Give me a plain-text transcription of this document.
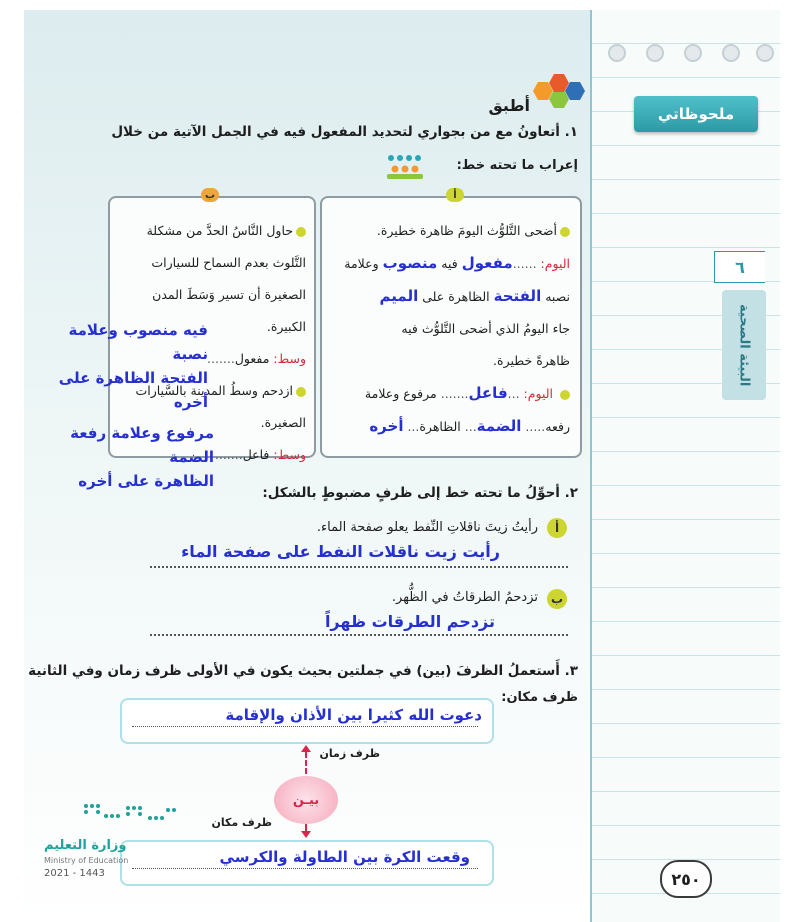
ملحوظاتي
٦
البيئة الصحية
٢٥٠
أطبق
١. أتعاونُ مع من بجواري لتحديد المفعول فيه في الجمل الآتية من خلال
إعراب ما تحته خط:
أ
أضحى التَّلوُّث اليومَ ظاهرة خطيرة.
اليوم: ......مفعول فيه منصوب وعلامة
نصبه الفتحة الظاهرة على الميم
جاء اليومُ الذي أضحى التَّلوُّث فيه
ظاهرةً خطيرة.
اليوم: ...فاعل....... مرفوع وعلامة
رفعه..... الضمة... الظاهرة... أخره
ب
حاول النَّاسُ الحدَّ من مشكلة
التَّلوث بعدم السماح للسيارات
الصغيرة أن تسير وَسَطَ المدن
الكبيرة.
وسط: مفعول.......
ازدحم وسطُ المدينة بالسَّيارات
الصغيرة.
وسط: فاعل.......
فيه منصوب وعلامة نصبة
الفتحة الظاهرة على أخره
مرفوع وعلامة رفعة الضمة
الظاهرة على أخره
٢. أحوِّلُ ما تحته خط إلى ظرفٍ مضبوطٍ بالشكل:
أ
رأيتُ زيتَ ناقلاتِ النِّفط يعلو صفحة الماء.
رأيت زيت ناقلات النفط على صفحة الماء
ب
تزدحمُ الطرقاتُ في الظُّهر.
تزدحم الطرقات ظهراً
٣. أَستعملُ الظرفَ (بين) في جملتين بحيث يكون في الأولى ظرف زمان وفي الثانية
ظرف مكان:
دعوت الله كثيرا بين الأذان والإقامة
ظرف زمان
بيـن
ظرف مكان
وقعت الكرة بين الطاولة والكرسي
وزارة التعليم
Ministry of Education
2021 - 1443
